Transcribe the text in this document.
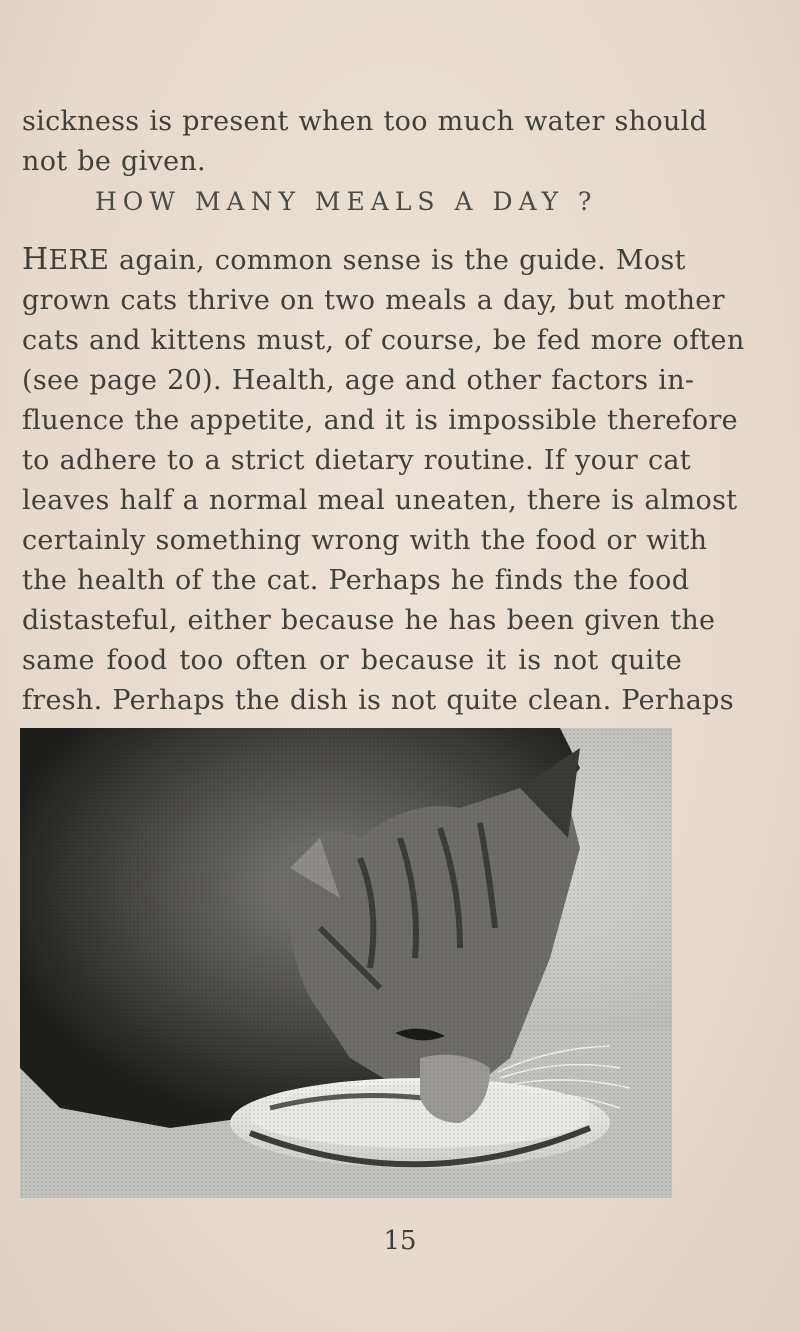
sickness is present when too much water should
not be given.
HOW MANY MEALS A DAY ?
HERE again, common sense is the guide. Most
grown cats thrive on two meals a day, but mother
cats and kittens must, of course, be fed more often
(see page 20). Health, age and other factors in-
fluence the appetite, and it is impossible therefore
to adhere to a strict dietary routine. If your cat
leaves half a normal meal uneaten, there is almost
certainly something wrong with the food or with
the health of the cat. Perhaps he finds the food
distasteful, either because he has been given the
same food too often or because it is not quite
fresh. Perhaps the dish is not quite clean. Perhaps
15
